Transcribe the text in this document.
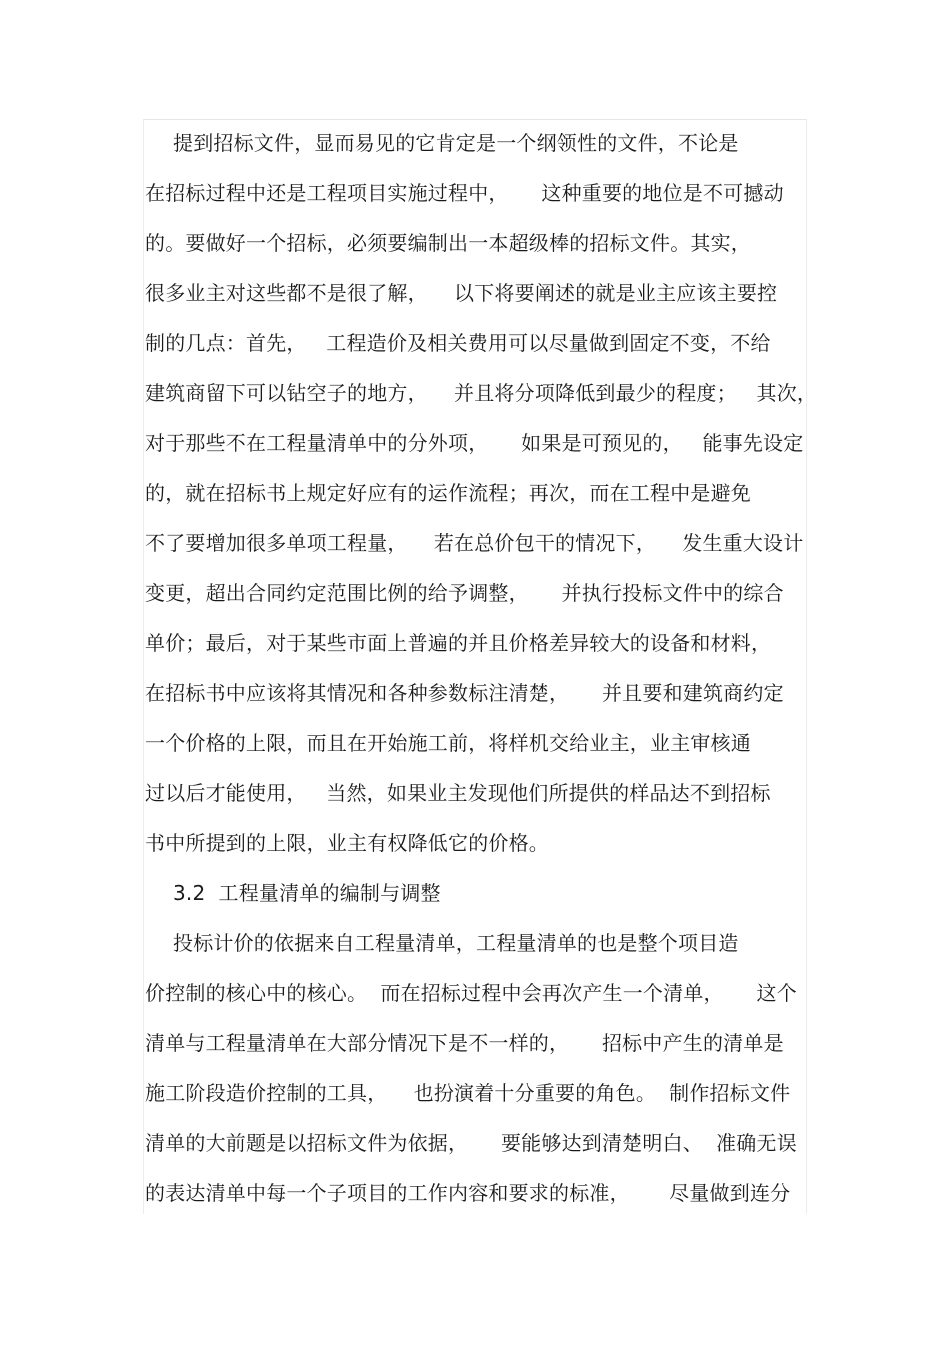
提到招标文件，显而易见的它肯定是一个纲领性的文件，不论是
在招标过程中还是工程项目实施过程中，     这种重要的地位是不可撼动
的。要做好一个招标，必须要编制出一本超级棒的招标文件。其实，
很多业主对这些都不是很了解，    以下将要阐述的就是业主应该主要控
制的几点：首先，   工程造价及相关费用可以尽量做到固定不变，不给
建筑商留下可以钻空子的地方，    并且将分项降低到最少的程度；   其次，
对于那些不在工程量清单中的分外项，     如果是可预见的，   能事先设定
的，就在招标书上规定好应有的运作流程；再次，而在工程中是避免
不了要增加很多单项工程量，    若在总价包干的情况下，    发生重大设计
变更，超出合同约定范围比例的给予调整，     并执行投标文件中的综合
单价；最后，对于某些市面上普遍的并且价格差异较大的设备和材料，
在招标书中应该将其情况和各种参数标注清楚，     并且要和建筑商约定
一个价格的上限，而且在开始施工前，将样机交给业主，业主审核通
过以后才能使用，   当然，如果业主发现他们所提供的样品达不到招标
书中所提到的上限，业主有权降低它的价格。
3.2  工程量清单的编制与调整
投标计价的依据来自工程量清单，工程量清单的也是整个项目造
价控制的核心中的核心。  而在招标过程中会再次产生一个清单，     这个
清单与工程量清单在大部分情况下是不一样的，     招标中产生的清单是
施工阶段造价控制的工具，    也扮演着十分重要的角色。  制作招标文件
清单的大前题是以招标文件为依据，     要能够达到清楚明白、  准确无误
的表达清单中每一个子项目的工作内容和要求的标准，      尽量做到连分
